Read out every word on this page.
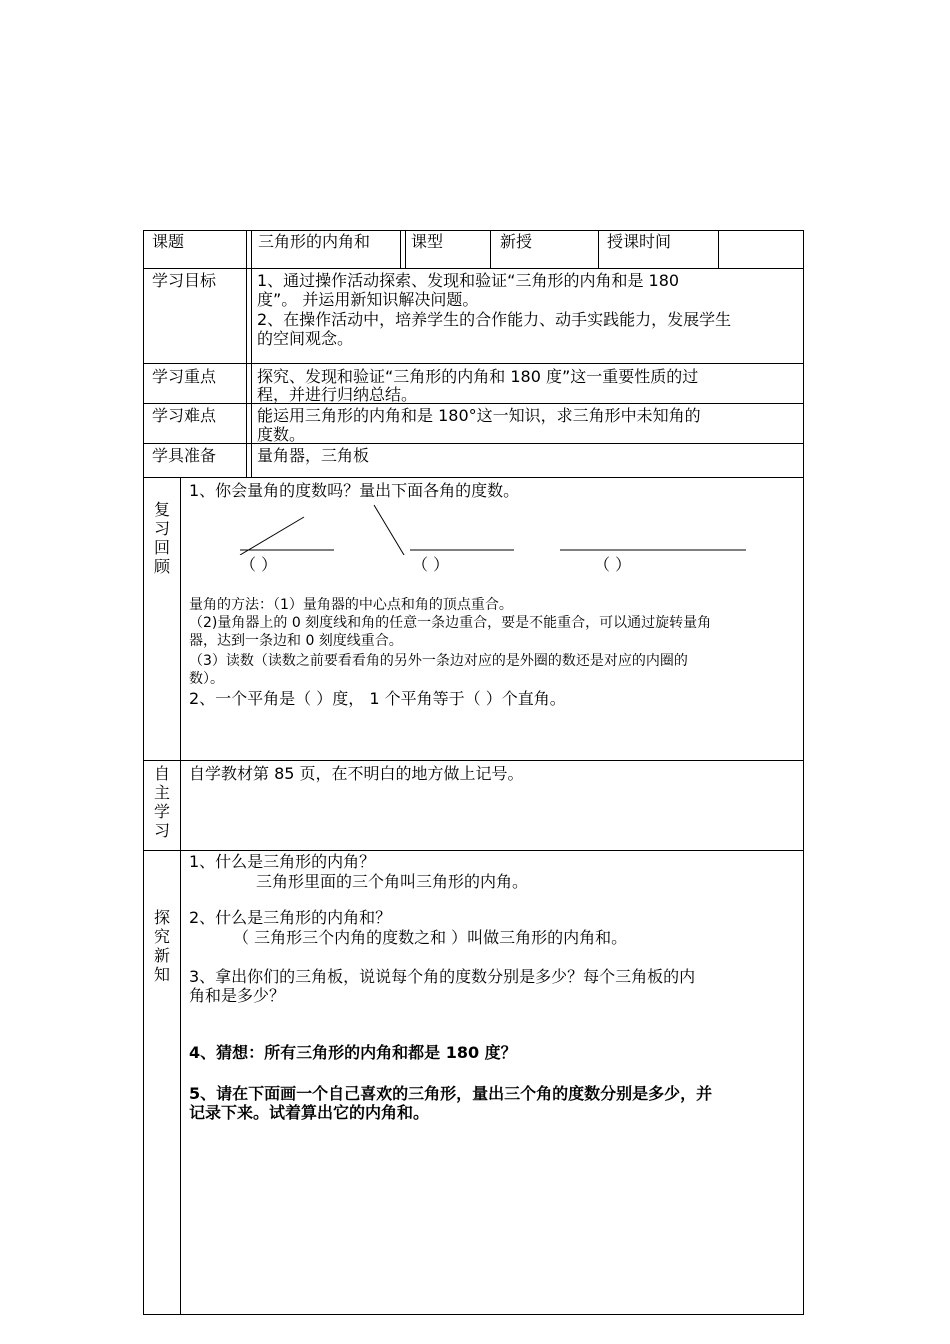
课题	三角形的内角和	课型	新授	授课时间
学习目标	1、通过操作活动探索、发现和验证“三角形的内角和是 180
度”。 并运用新知识解决问题。
2、在操作活动中，培养学生的合作能力、动手实践能力，发展学生
的空间观念。
学习重点	探究、发现和验证“三角形的内角和 180 度”这一重要性质的过
程，并进行归纳总结。
学习难点	能运用三角形的内角和是 180°这一知识，求三角形中未知角的
度数。
学具准备	量角器，三角板
复习回顾
1、你会量角的度数吗？量出下面各角的度数。
（ ）	（ ）	（ ）
量角的方法：（1）量角器的中心点和角的顶点重合。
（2)量角器上的 0 刻度线和角的任意一条边重合，要是不能重合，可以通过旋转量角
器，达到一条边和 0 刻度线重合。
（3）读数（读数之前要看看角的另外一条边对应的是外圈的数还是对应的内圈的
数）。
2、一个平角是（ ）度， 1 个平角等于（ ）个直角。
自主学习
自学教材第 85 页，在不明白的地方做上记号。
探究新知
1、什么是三角形的内角？
三角形里面的三个角叫三角形的内角。
2、什么是三角形的内角和？
（ 三角形三个内角的度数之和 ）叫做三角形的内角和。
3、拿出你们的三角板，说说每个角的度数分别是多少？每个三角板的内
角和是多少？
4、猜想：所有三角形的内角和都是 180 度？
5、请在下面画一个自己喜欢的三角形，量出三个角的度数分别是多少，并
记录下来。试着算出它的内角和。
